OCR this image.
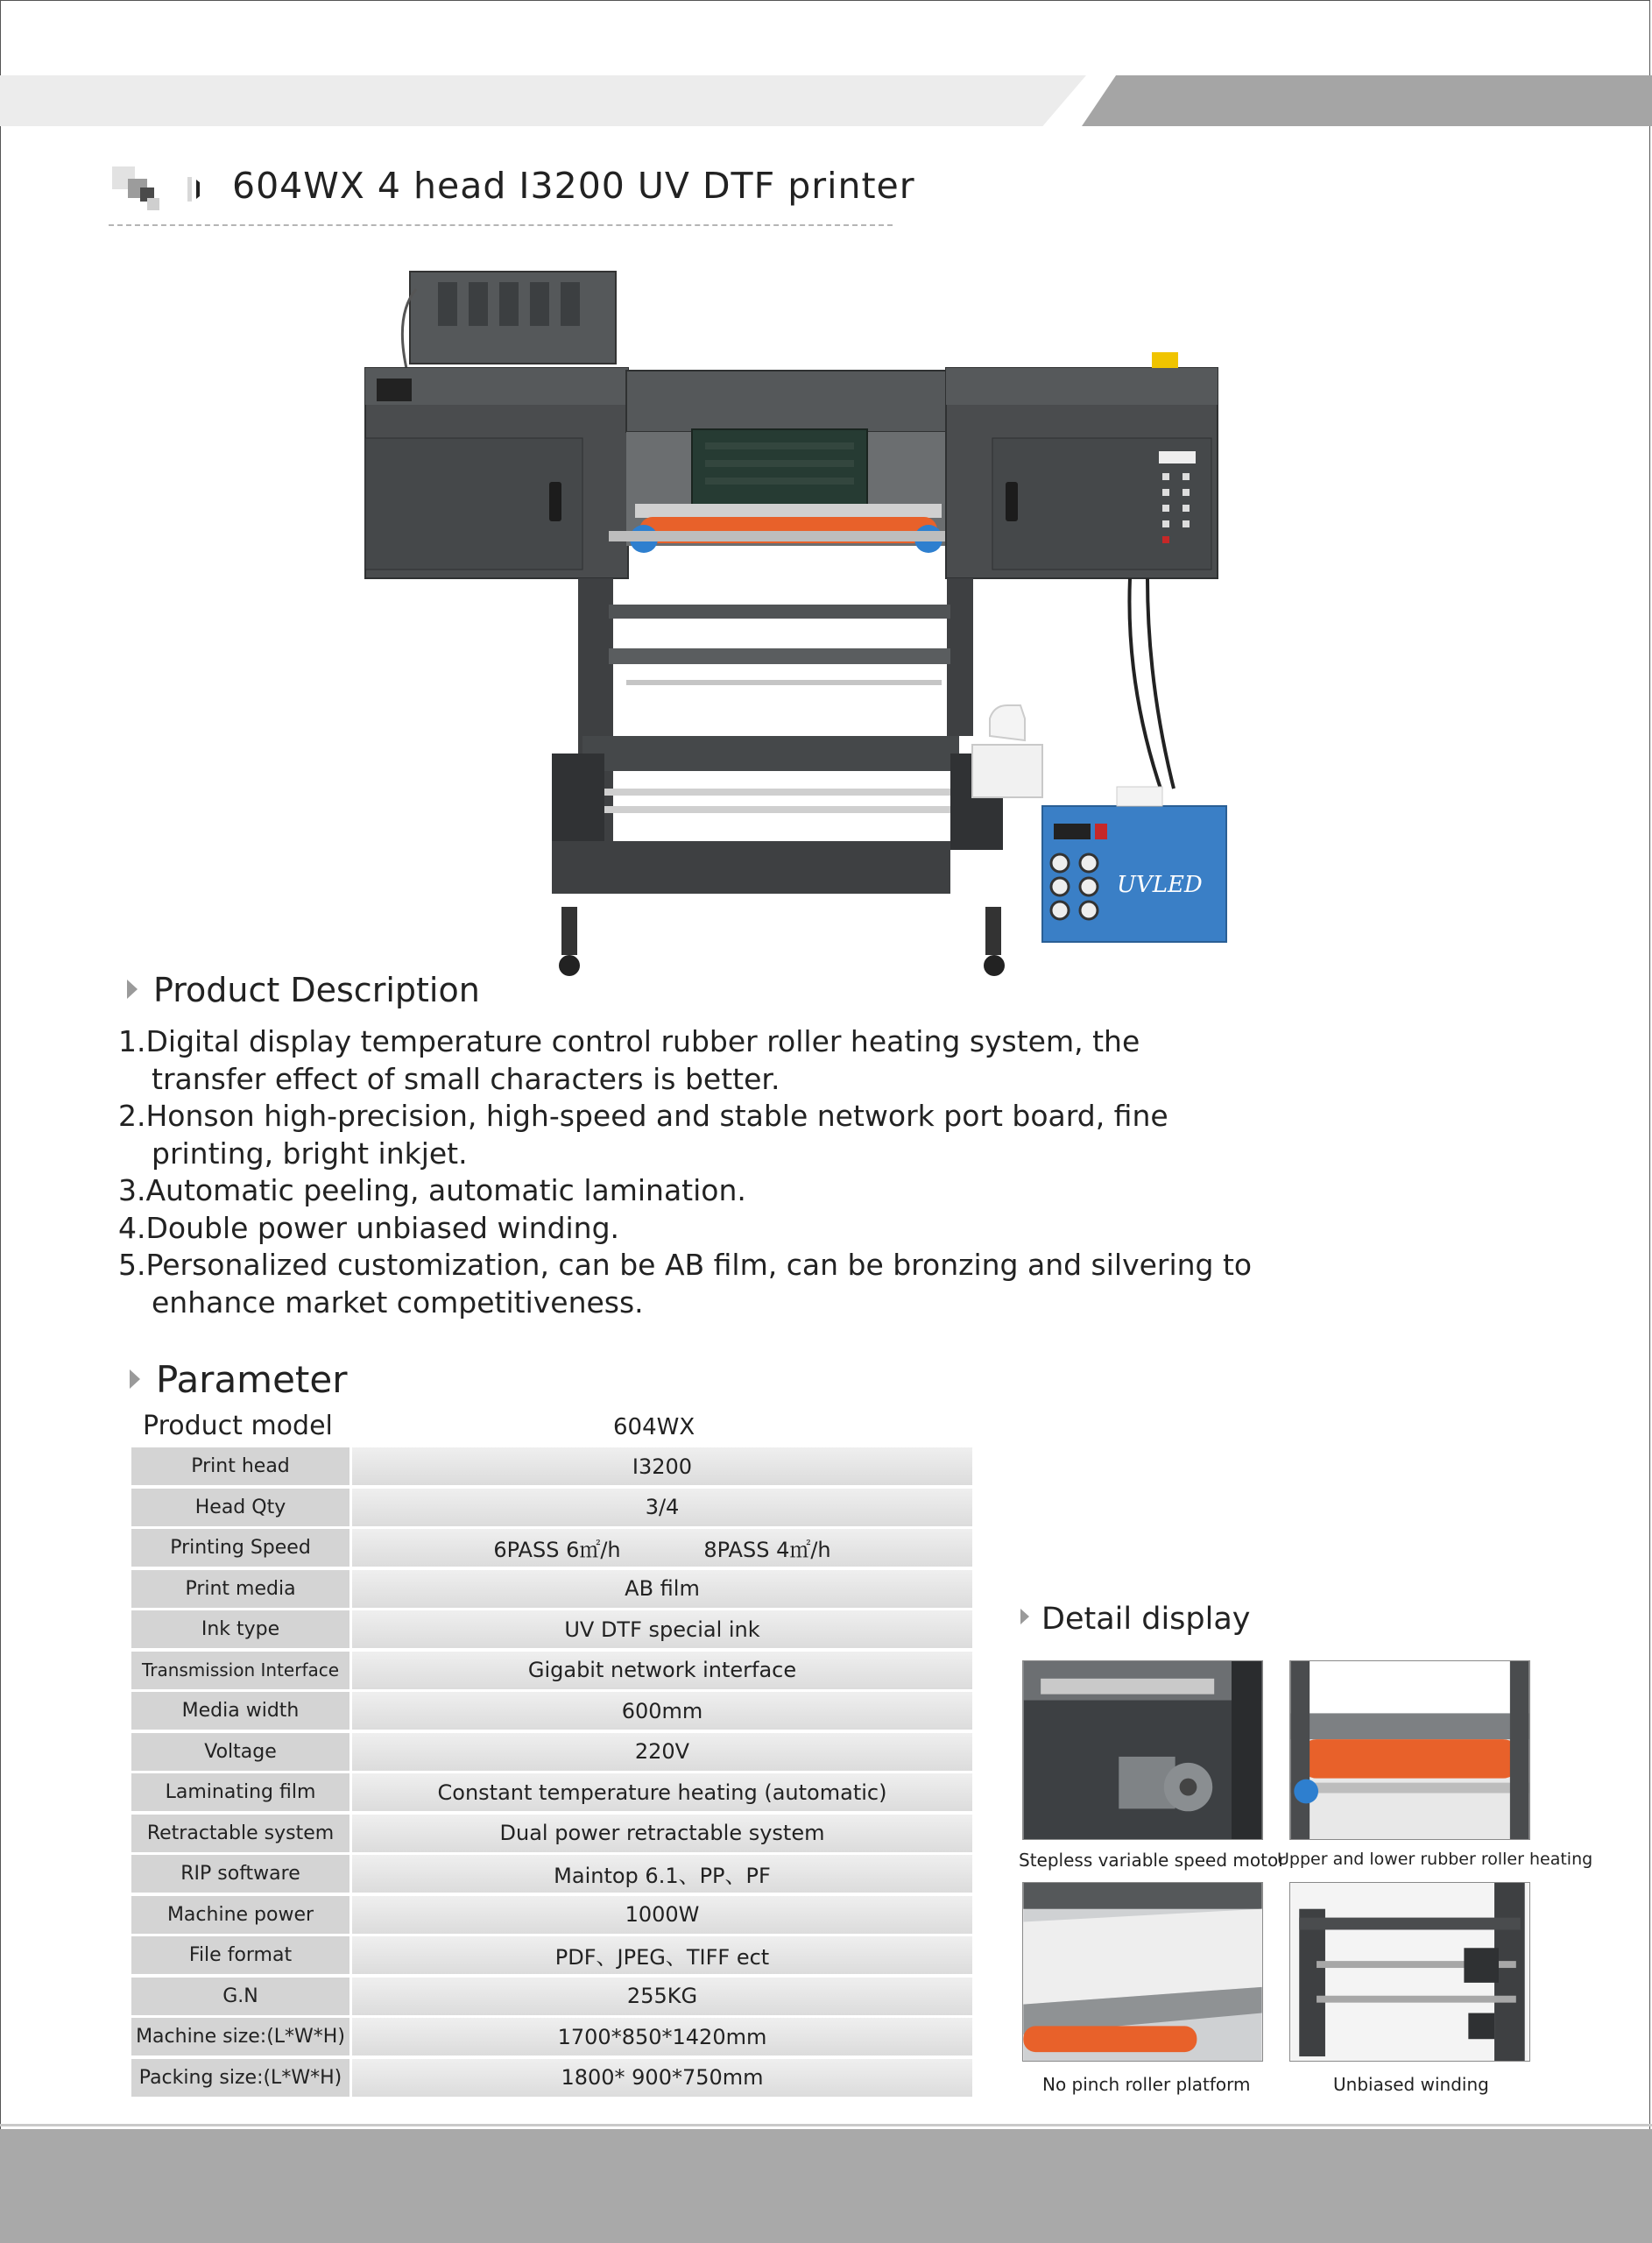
604WX 4 head I3200 UV DTF printer
UVLED
Product Description
1.Digital display temperature control rubber roller heating system, the transfer effect of small characters is better.
2.Honson high-precision, high-speed and stable network port board, fine printing, bright inkjet.
3.Automatic peeling, automatic lamination.
4.Double power unbiased winding.
5.Personalized customization, can be AB film, can be bronzing and silvering to enhance market competitiveness.
Parameter
Product model	604WX
Print head	I3200
Head Qty	3/4
Printing Speed	6PASS 6㎡/h	8PASS 4㎡/h
Print media	AB film
Ink type	UV DTF special ink
Transmission Interface	Gigabit network interface
Media width	600mm
Voltage	220V
Laminating film	Constant temperature heating (automatic)
Retractable system	Dual power retractable system
RIP software	Maintop 6.1、PP、PF
Machine power	1000W
File format	PDF、JPEG、TIFF ect
G.N	255KG
Machine size:(L*W*H)	1700*850*1420mm
Packing size:(L*W*H)	1800* 900*750mm
Detail display
Stepless variable speed motor
Upper and lower rubber roller heating
No pinch roller platform	Unbiased winding
